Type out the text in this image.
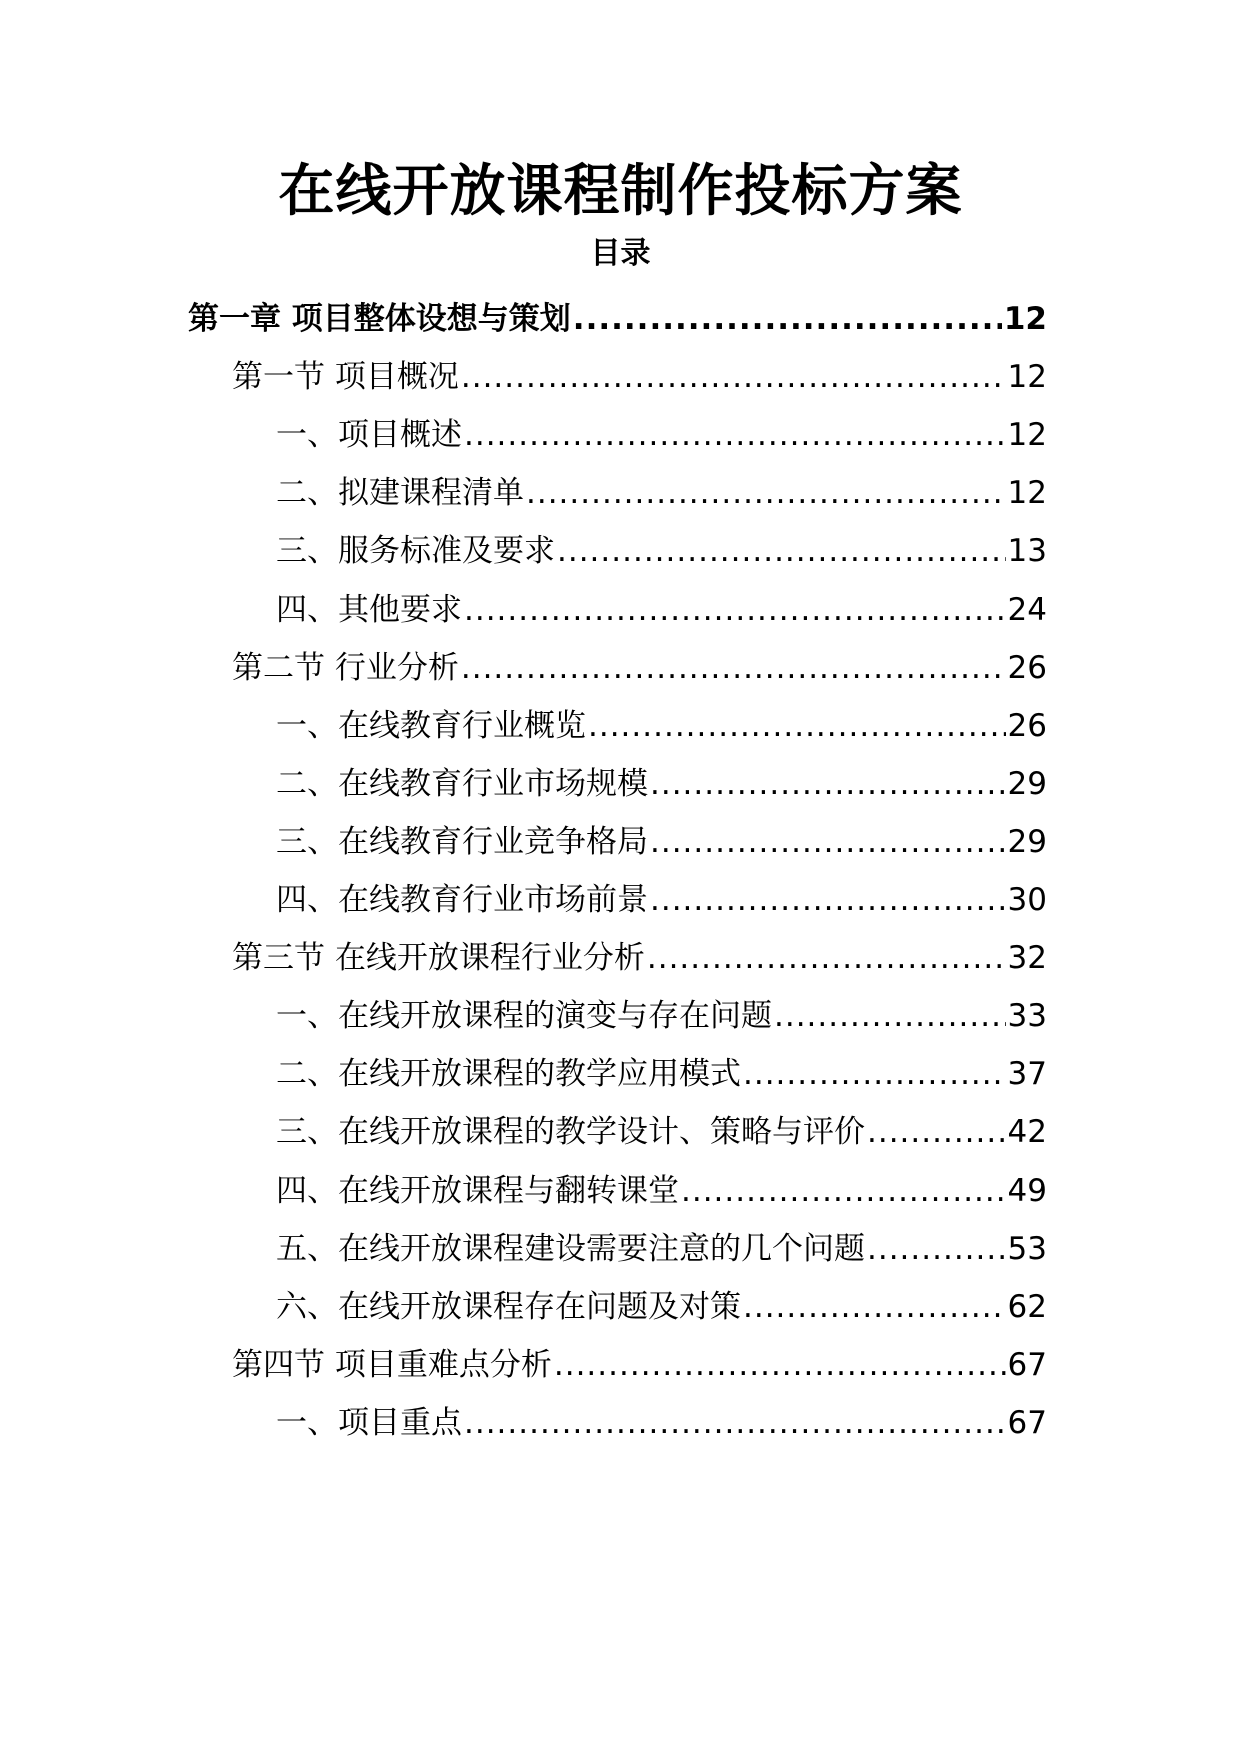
在线开放课程制作投标方案
目录
第一章 项目整体设想与策划 .....	12
第一节 项目概况 .....	12
一、项目概述 .....	12
二、拟建课程清单 .....	12
三、服务标准及要求 .....	13
四、其他要求 .....	24
第二节 行业分析 .....	26
一、在线教育行业概览 .....	26
二、在线教育行业市场规模 .....	29
三、在线教育行业竞争格局 .....	29
四、在线教育行业市场前景 .....	30
第三节 在线开放课程行业分析 .....	32
一、在线开放课程的演变与存在问题 .....	33
二、在线开放课程的教学应用模式 .....	37
三、在线开放课程的教学设计、策略与评价 .....	42
四、在线开放课程与翻转课堂 .....	49
五、在线开放课程建设需要注意的几个问题 .....	53
六、在线开放课程存在问题及对策 .....	62
第四节 项目重难点分析 .....	67
一、项目重点 .....	67
